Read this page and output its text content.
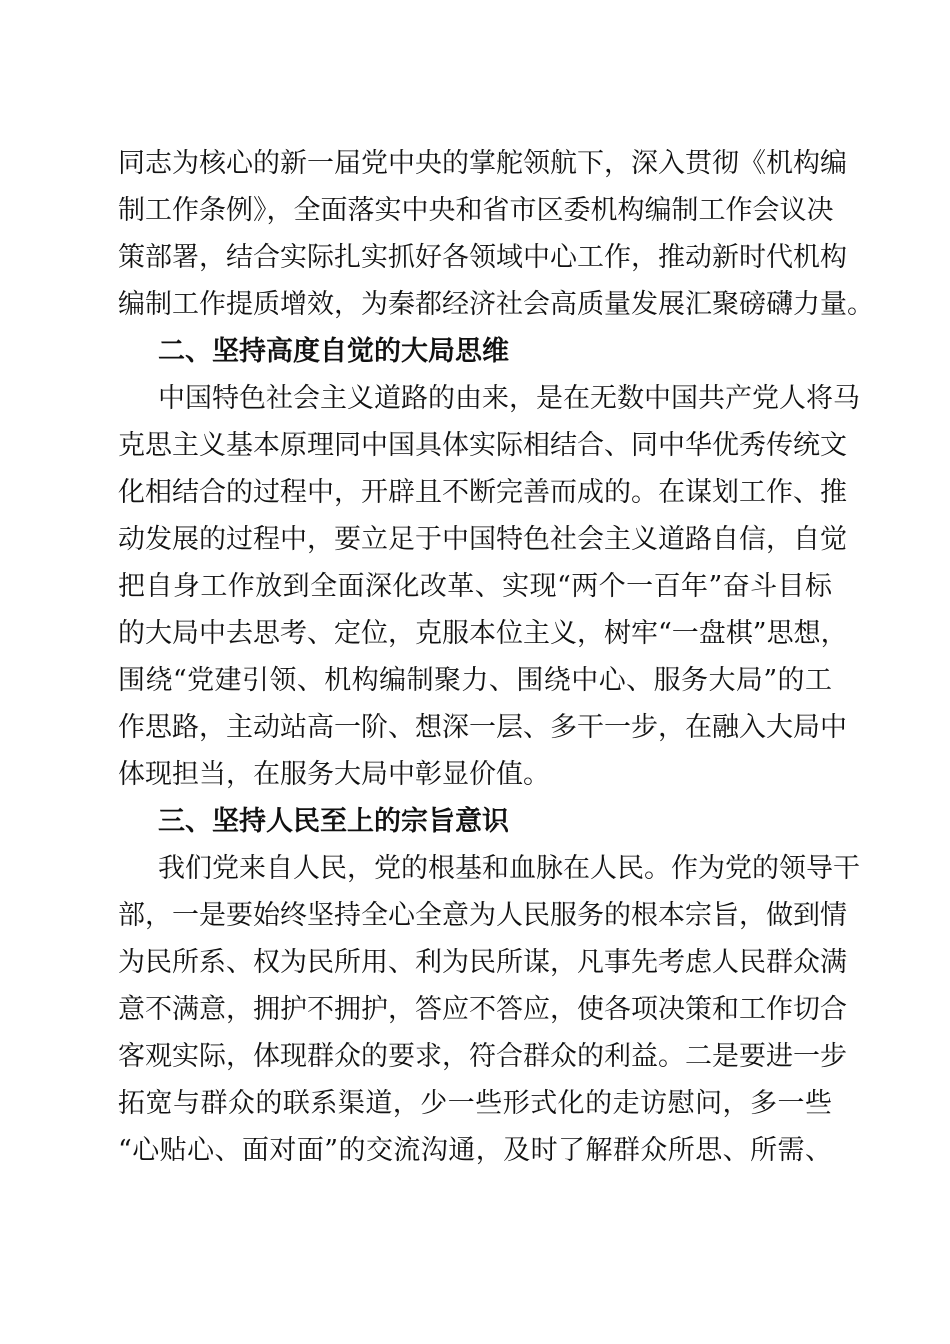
同志为核心的新一届党中央的掌舵领航下，深入贯彻《机构编
制工作条例》，全面落实中央和省市区委机构编制工作会议决
策部署，结合实际扎实抓好各领域中心工作，推动新时代机构
编制工作提质增效，为秦都经济社会高质量发展汇聚磅礴力量。
二、坚持高度自觉的大局思维
中国特色社会主义道路的由来，是在无数中国共产党人将马
克思主义基本原理同中国具体实际相结合、同中华优秀传统文
化相结合的过程中，开辟且不断完善而成的。在谋划工作、推
动发展的过程中，要立足于中国特色社会主义道路自信，自觉
把自身工作放到全面深化改革、实现“两个一百年”奋斗目标
的大局中去思考、定位，克服本位主义，树牢“一盘棋”思想，
围绕“党建引领、机构编制聚力、围绕中心、服务大局”的工
作思路，主动站高一阶、想深一层、多干一步，在融入大局中
体现担当，在服务大局中彰显价值。
三、坚持人民至上的宗旨意识
我们党来自人民，党的根基和血脉在人民。作为党的领导干
部，一是要始终坚持全心全意为人民服务的根本宗旨，做到情
为民所系、权为民所用、利为民所谋，凡事先考虑人民群众满
意不满意，拥护不拥护，答应不答应，使各项决策和工作切合
客观实际，体现群众的要求，符合群众的利益。二是要进一步
拓宽与群众的联系渠道，少一些形式化的走访慰问，多一些
“心贴心、面对面”的交流沟通，及时了解群众所思、所需、
